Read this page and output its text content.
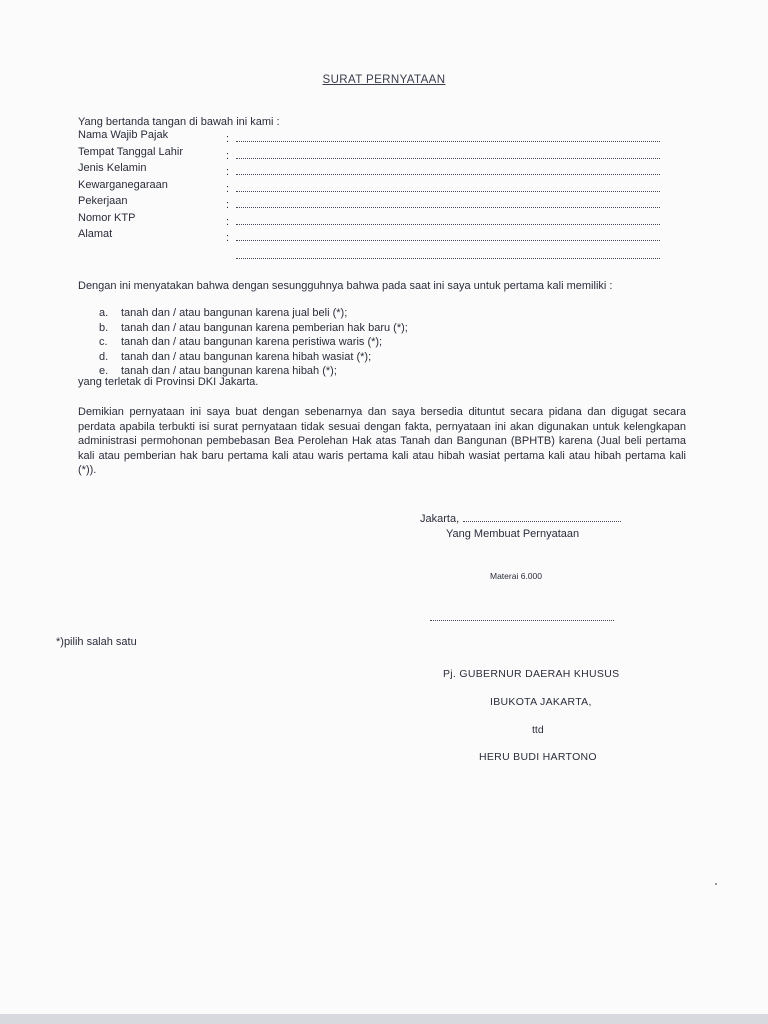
SURAT PERNYATAAN
Yang bertanda tangan di bawah ini kami :
Nama Wajib Pajak	:
Tempat Tanggal Lahir	:
Jenis Kelamin	:
Kewarganegaraan	:
Pekerjaan	:
Nomor KTP	:
Alamat	:
Dengan ini menyatakan bahwa dengan sesungguhnya bahwa pada saat ini saya untuk pertama kali memiliki :
a.	tanah dan / atau bangunan karena jual beli (*);
b.	tanah dan / atau bangunan karena pemberian hak baru (*);
c.	tanah dan / atau bangunan karena peristiwa waris (*);
d.	tanah dan / atau bangunan karena hibah wasiat (*);
e.	tanah dan / atau bangunan karena hibah (*);
yang terletak di Provinsi DKI Jakarta.
Demikian pernyataan ini saya buat dengan sebenarnya dan saya bersedia dituntut secara pidana dan digugat secara perdata apabila terbukti isi surat pernyataan tidak sesuai dengan fakta, pernyataan ini akan digunakan untuk kelengkapan administrasi permohonan pembebasan Bea Perolehan Hak atas Tanah dan Bangunan (BPHTB) karena (Jual beli pertama kali atau pemberian hak baru pertama kali atau waris pertama kali atau hibah wasiat pertama kali atau hibah pertama kali (*)).
Jakarta,
Yang Membuat Pernyataan
Materai 6.000
*)pilih salah satu
Pj. GUBERNUR DAERAH KHUSUS
IBUKOTA JAKARTA,
ttd
HERU BUDI HARTONO
